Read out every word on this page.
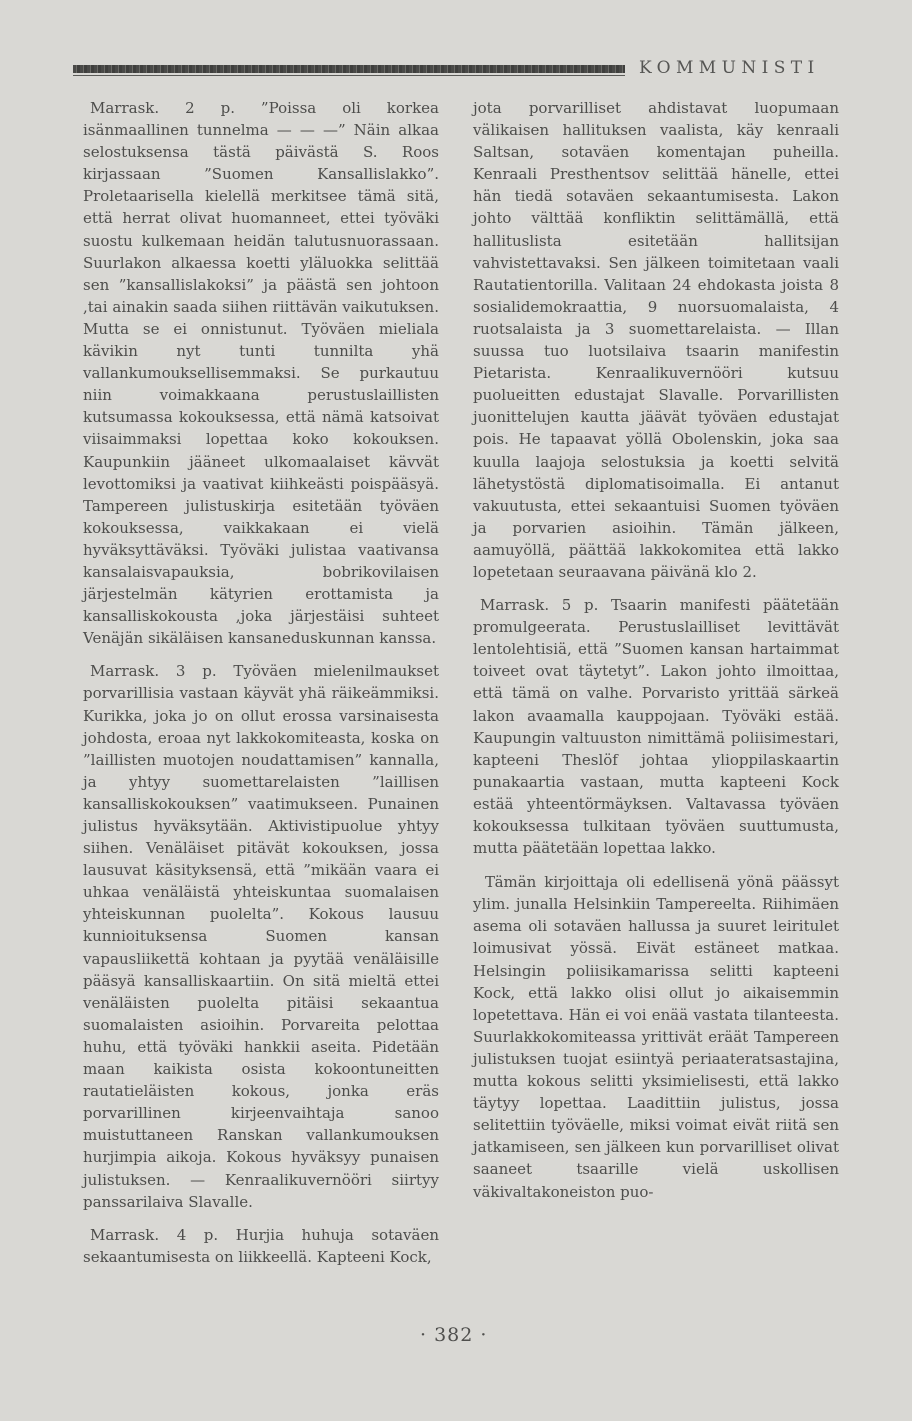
KOMMUNISTI

Marrask. 2 p. ”Poissa oli korkea isänmaallinen tunnelma — — —” Näin alkaa selostuksensa tästä päivästä S. Roos kirjassaan ”Suomen Kansallislakko”. Proletaarisella kielellä merkitsee tämä sitä, että herrat olivat huomanneet, ettei työväki suostu kulkemaan heidän talutusnuorassaan. Suurlakon alkaessa koetti yläluokka selittää sen ”kansallislakoksi” ja päästä sen johtoon ,tai ainakin saada siihen riittävän vaikutuksen. Mutta se ei onnistunut. Työväen mieliala kävikin nyt tunti tunnilta yhä vallankumouksellisemmaksi. Se purkautuu niin voimakkaana perustuslaillisten kutsumassa kokouksessa, että nämä katsoivat viisaimmaksi lopettaa koko kokouksen. Kaupunkiin jääneet ulkomaalaiset kävvät levottomiksi ja vaativat kiihkeästi poispääsyä. Tampereen julistuskirja esitetään työväen kokouksessa, vaikkakaan ei vielä hyväksyttäväksi. Työväki julistaa vaativansa kansalaisvapauksia, bobrikovilaisen järjestelmän kätyrien erottamista ja kansalliskokousta ,joka järjestäisi suhteet Venäjän sikäläisen kansaneduskunnan kanssa.

Marrask. 3 p. Työväen mielenilmaukset porvarillisia vastaan käyvät yhä räikeämmiksi. Kurikka, joka jo on ollut erossa varsinaisesta johdosta, eroaa nyt lakkokomiteasta, koska on ”laillisten muotojen noudattamisen” kannalla, ja yhtyy suomettarelaisten ”laillisen kansalliskokouksen” vaatimukseen. Punainen julistus hyväksytään. Aktivistipuolue yhtyy siihen. Venäläiset pitävät kokouksen, jossa lausuvat käsityksensä, että ”mikään vaara ei uhkaa venäläistä yhteiskuntaa suomalaisen yhteiskunnan puolelta”. Kokous lausuu kunnioituksensa Suomen kansan vapausliikettä kohtaan ja pyytää venäläisille pääsyä kansalliskaartiin. On sitä mieltä ettei venäläisten puolelta pitäisi sekaantua suomalaisten asioihin. Porvareita pelottaa huhu, että työväki hankkii aseita. Pidetään maan kaikista osista kokoontuneitten rautatieläisten kokous, jonka eräs porvarillinen kirjeenvaihtaja sanoo muistuttaneen Ranskan vallankumouksen hurjimpia aikoja. Kokous hyväksyy punaisen julistuksen. — Kenraalikuvernööri siirtyy panssarilaiva Slavalle.

Marrask. 4 p. Hurjia huhuja sotaväen sekaantumisesta on liikkeellä. Kapteeni Kock,

jota porvarilliset ahdistavat luopumaan välikaisen hallituksen vaalista, käy kenraali Saltsan, sotaväen komentajan puheilla. Kenraali Presthentsov selittää hänelle, ettei hän tiedä sotaväen sekaantumisesta. Lakon johto välttää konfliktin selittämällä, että hallituslista esitetään hallitsijan vahvistettavaksi. Sen jälkeen toimitetaan vaali Rautatientorilla. Valitaan 24 ehdokasta joista 8 sosialidemokraattia, 9 nuorsuomalaista, 4 ruotsalaista ja 3 suomettarelaista. — Illan suussa tuo luotsilaiva tsaarin manifestin Pietarista. Kenraalikuvernööri kutsuu puolueitten edustajat Slavalle. Porvarillisten juonittelujen kautta jäävät työväen edustajat pois. He tapaavat yöllä Obolenskin, joka saa kuulla laajoja selostuksia ja koetti selvitä lähetystöstä diplomatisoimalla. Ei antanut vakuutusta, ettei sekaantuisi Suomen työväen ja porvarien asioihin. Tämän jälkeen, aamuyöllä, päättää lakkokomitea että lakko lopetetaan seuraavana päivänä klo 2.

Marrask. 5 p. Tsaarin manifesti päätetään promulgeerata. Perustuslailliset levittävät lentolehtisiä, että ”Suomen kansan hartaimmat toiveet ovat täytetyt”. Lakon johto ilmoittaa, että tämä on valhe. Porvaristo yrittää särkeä lakon avaamalla kauppojaan. Työväki estää. Kaupungin valtuuston nimittämä poliisimestari, kapteeni Theslöf johtaa ylioppilaskaartin punakaartia vastaan, mutta kapteeni Kock estää yhteentörmäyksen. Valtavassa työväen kokouksessa tulkitaan työväen suuttumusta, mutta päätetään lopettaa lakko.

Tämän kirjoittaja oli edellisenä yönä päässyt ylim. junalla Helsinkiin Tampereelta. Riihimäen asema oli sotaväen hallussa ja suuret leiritulet loimusivat yössä. Eivät estäneet matkaa. Helsingin poliisikamarissa selitti kapteeni Kock, että lakko olisi ollut jo aikaisemmin lopetettava. Hän ei voi enää vastata tilanteesta. Suurlakkokomiteassa yrittivät eräät Tampereen julistuksen tuojat esiintyä periaateratsastajina, mutta kokous selitti yksimielisesti, että lakko täytyy lopettaa. Laadittiin julistus, jossa selitettiin työväelle, miksi voimat eivät riitä sen jatkamiseen, sen jälkeen kun porvarilliset olivat saaneet tsaarille vielä uskollisen väkivaltakoneiston puo-

· 382 ·
